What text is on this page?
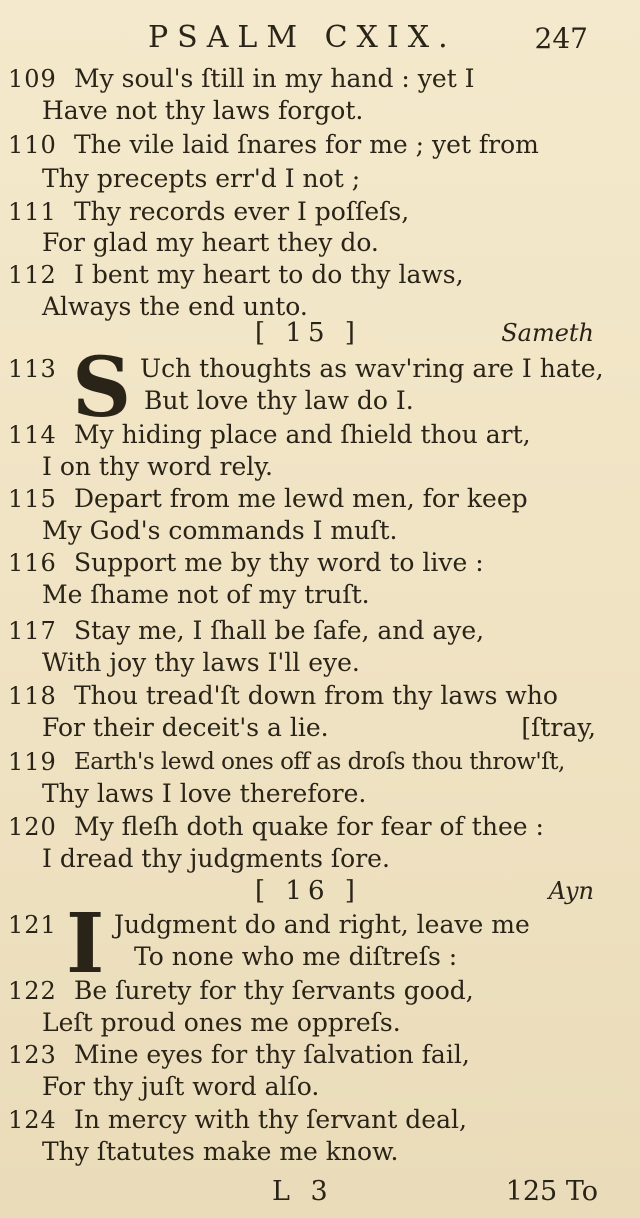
PSALM CXIX.	247
109 My soul's ſtill in my hand : yet I
Have not thy laws forgot.
110 The vile laid ſnares for me ; yet from
Thy precepts err'd I not ;
111 Thy records ever I poſſeſs,
For glad my heart they do.
112 I bent my heart to do thy laws,
Always the end unto.
[ 15 ]	Sameth
113	Uch thoughts as wav'ring are I hate,
S But love thy law do I.
114 My hiding place and ſhield thou art,
I on thy word rely.
115 Depart from me lewd men, for keep
My God's commands I muſt.
116 Support me by thy word to live :
Me ſhame not of my truſt.
117 Stay me, I ſhall be ſafe, and aye,
With joy thy laws I'll eye.
118 Thou tread'ſt down from thy laws who
For their deceit's a lie.	[ſtray,
119 Earth's lewd ones off as droſs thou throw'ſt,
Thy laws I love therefore.
120 My fleſh doth quake for fear of thee :
I dread thy judgments ſore.
[ 16 ]	Ayn
121 Judgment do and right, leave me
I To none who me diſtreſs :
122 Be ſurety for thy ſervants good,
Leſt proud ones me oppreſs.
123 Mine eyes for thy ſalvation fail,
For thy juſt word alſo.
124 In mercy with thy ſervant deal,
Thy ſtatutes make me know.
L 3	125 To
